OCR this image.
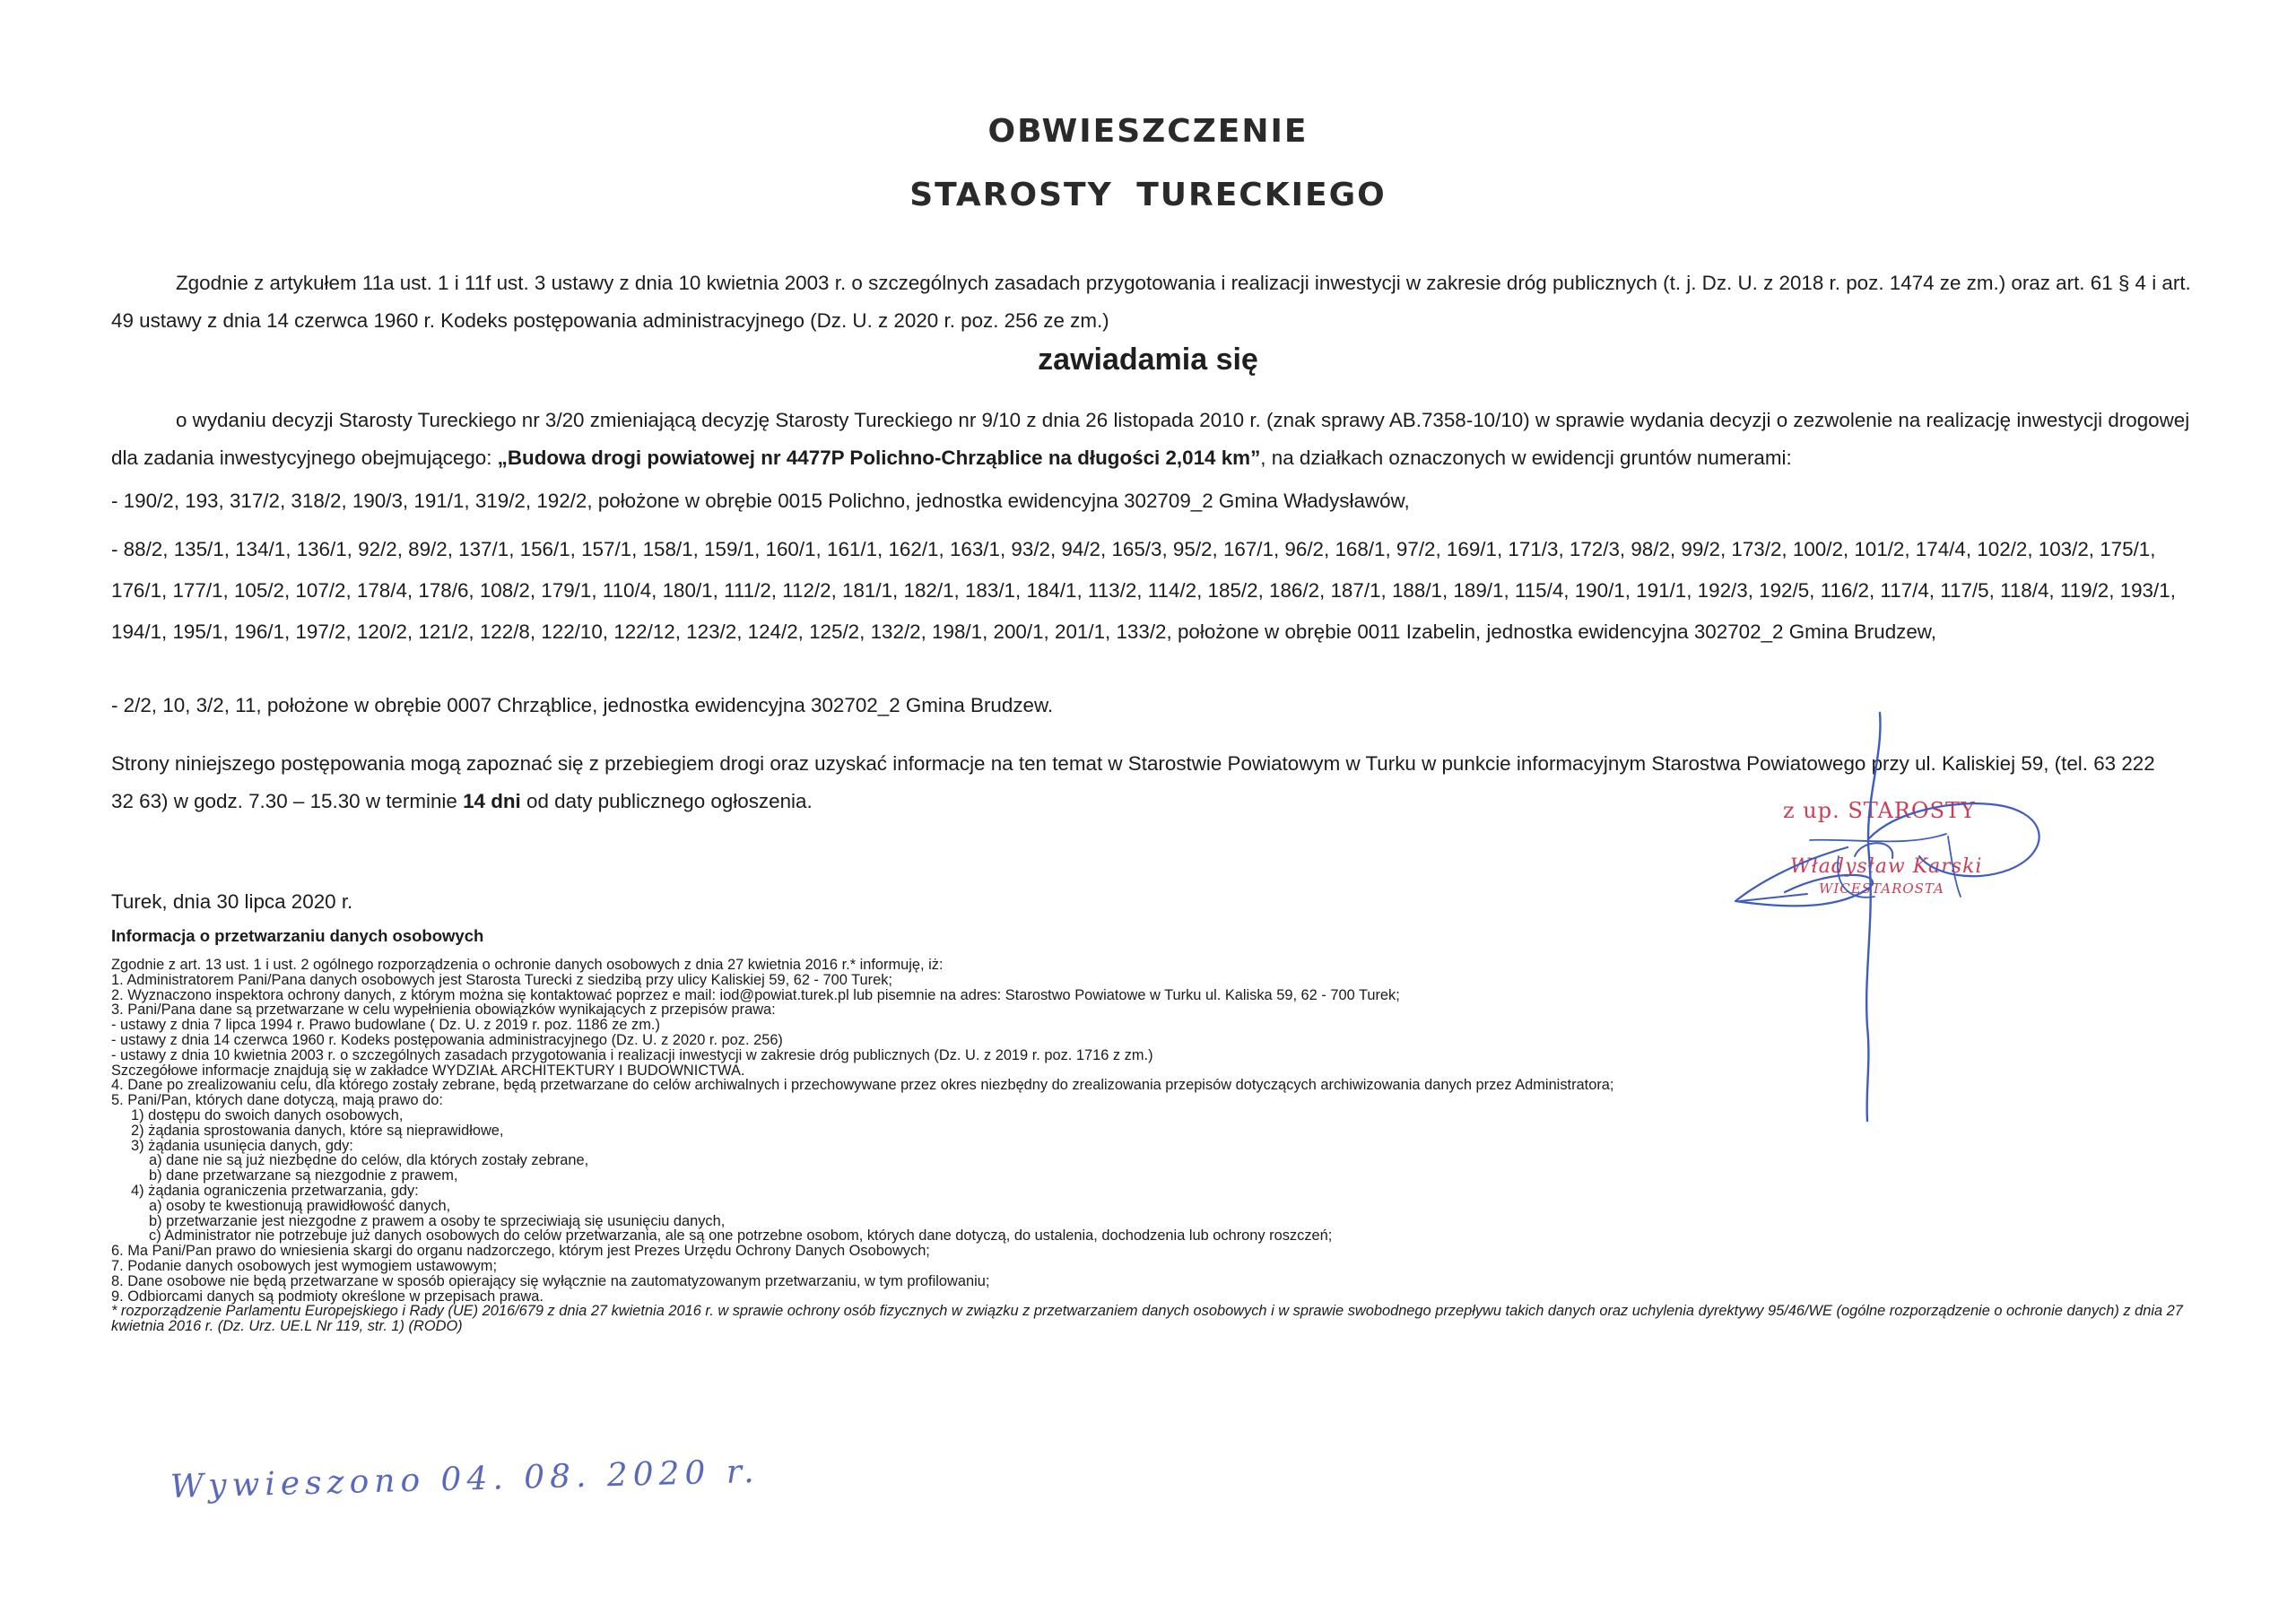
OBWIESZCZENIE
STAROSTY TURECKIEGO
Zgodnie z artykułem 11a ust. 1 i 11f ust. 3 ustawy z dnia 10 kwietnia 2003 r. o szczególnych zasadach przygotowania i realizacji inwestycji w zakresie dróg publicznych (t. j. Dz. U. z 2018 r. poz. 1474 ze zm.) oraz art. 61 § 4 i art. 49 ustawy z dnia 14 czerwca 1960 r. Kodeks postępowania administracyjnego (Dz. U. z 2020 r. poz. 256 ze zm.)
zawiadamia się
o wydaniu decyzji Starosty Tureckiego nr 3/20 zmieniającą decyzję Starosty Tureckiego nr 9/10 z dnia 26 listopada 2010 r. (znak sprawy AB.7358-10/10) w sprawie wydania decyzji o zezwolenie na realizację inwestycji drogowej dla zadania inwestycyjnego obejmującego: „Budowa drogi powiatowej nr 4477P Polichno-Chrząblice na długości 2,014 km”, na działkach oznaczonych w ewidencji gruntów numerami:
- 190/2, 193, 317/2, 318/2, 190/3, 191/1, 319/2, 192/2, położone w obrębie 0015 Polichno, jednostka ewidencyjna 302709_2 Gmina Władysławów,
- 88/2, 135/1, 134/1, 136/1, 92/2, 89/2, 137/1, 156/1, 157/1, 158/1, 159/1, 160/1, 161/1, 162/1, 163/1, 93/2, 94/2, 165/3, 95/2, 167/1, 96/2, 168/1, 97/2, 169/1, 171/3, 172/3, 98/2, 99/2, 173/2, 100/2, 101/2, 174/4, 102/2, 103/2, 175/1, 176/1, 177/1, 105/2, 107/2, 178/4, 178/6, 108/2, 179/1, 110/4, 180/1, 111/2, 112/2, 181/1, 182/1, 183/1, 184/1, 113/2, 114/2, 185/2, 186/2, 187/1, 188/1, 189/1, 115/4, 190/1, 191/1, 192/3, 192/5, 116/2, 117/4, 117/5, 118/4, 119/2, 193/1, 194/1, 195/1, 196/1, 197/2, 120/2, 121/2, 122/8, 122/10, 122/12, 123/2, 124/2, 125/2, 132/2, 198/1, 200/1, 201/1, 133/2, położone w obrębie 0011 Izabelin, jednostka ewidencyjna 302702_2 Gmina Brudzew,
- 2/2, 10, 3/2, 11, położone w obrębie 0007 Chrząblice, jednostka ewidencyjna 302702_2 Gmina Brudzew.
Strony niniejszego postępowania mogą zapoznać się z przebiegiem drogi oraz uzyskać informacje na ten temat w Starostwie Powiatowym w Turku w punkcie informacyjnym Starostwa Powiatowego przy ul. Kaliskiej 59, (tel. 63 222 32 63) w godz. 7.30 – 15.30 w terminie 14 dni od daty publicznego ogłoszenia.
Turek, dnia 30 lipca 2020 r.
Informacja o przetwarzaniu danych osobowych
Zgodnie z art. 13 ust. 1 i ust. 2 ogólnego rozporządzenia o ochronie danych osobowych z dnia 27 kwietnia 2016 r.* informuję, iż:
1. Administratorem Pani/Pana danych osobowych jest Starosta Turecki z siedzibą przy ulicy Kaliskiej 59, 62 - 700 Turek;
2. Wyznaczono inspektora ochrony danych, z którym można się kontaktować poprzez e mail: iod@powiat.turek.pl lub pisemnie na adres: Starostwo Powiatowe w Turku ul. Kaliska 59, 62 - 700 Turek;
3. Pani/Pana dane są przetwarzane w celu wypełnienia obowiązków wynikających z przepisów prawa:
- ustawy z dnia 7 lipca 1994 r. Prawo budowlane ( Dz. U. z 2019 r. poz. 1186 ze zm.)
- ustawy z dnia 14 czerwca 1960 r. Kodeks postępowania administracyjnego (Dz. U. z 2020 r. poz. 256)
- ustawy z dnia 10 kwietnia 2003 r. o szczególnych zasadach przygotowania i realizacji inwestycji w zakresie dróg publicznych (Dz. U. z 2019 r. poz. 1716 z zm.)
Szczegółowe informacje znajdują się w zakładce WYDZIAŁ ARCHITEKTURY I BUDOWNICTWA.
4. Dane po zrealizowaniu celu, dla którego zostały zebrane, będą przetwarzane do celów archiwalnych i przechowywane przez okres niezbędny do zrealizowania przepisów dotyczących archiwizowania danych przez Administratora;
5. Pani/Pan, których dane dotyczą, mają prawo do:
1) dostępu do swoich danych osobowych,
2) żądania sprostowania danych, które są nieprawidłowe,
3) żądania usunięcia danych, gdy:
a) dane nie są już niezbędne do celów, dla których zostały zebrane,
b) dane przetwarzane są niezgodnie z prawem,
4) żądania ograniczenia przetwarzania, gdy:
a) osoby te kwestionują prawidłowość danych,
b) przetwarzanie jest niezgodne z prawem a osoby te sprzeciwiają się usunięciu danych,
c) Administrator nie potrzebuje już danych osobowych do celów przetwarzania, ale są one potrzebne osobom, których dane dotyczą, do ustalenia, dochodzenia lub ochrony roszczeń;
6. Ma Pani/Pan prawo do wniesienia skargi do organu nadzorczego, którym jest Prezes Urzędu Ochrony Danych Osobowych;
7. Podanie danych osobowych jest wymogiem ustawowym;
8. Dane osobowe nie będą przetwarzane w sposób opierający się wyłącznie na zautomatyzowanym przetwarzaniu, w tym profilowaniu;
9. Odbiorcami danych są podmioty określone w przepisach prawa.
* rozporządzenie Parlamentu Europejskiego i Rady (UE) 2016/679 z dnia 27 kwietnia 2016 r. w sprawie ochrony osób fizycznych w związku z przetwarzaniem danych osobowych i w sprawie swobodnego przepływu takich danych oraz uchylenia dyrektywy 95/46/WE (ogólne rozporządzenie o ochronie danych) z dnia 27 kwietnia 2016 r. (Dz. Urz. UE.L Nr 119, str. 1) (RODO)
z up. STAROSTY
Władysław Karski
WICESTAROSTA
Wywieszono 04. 08. 2020 r.
